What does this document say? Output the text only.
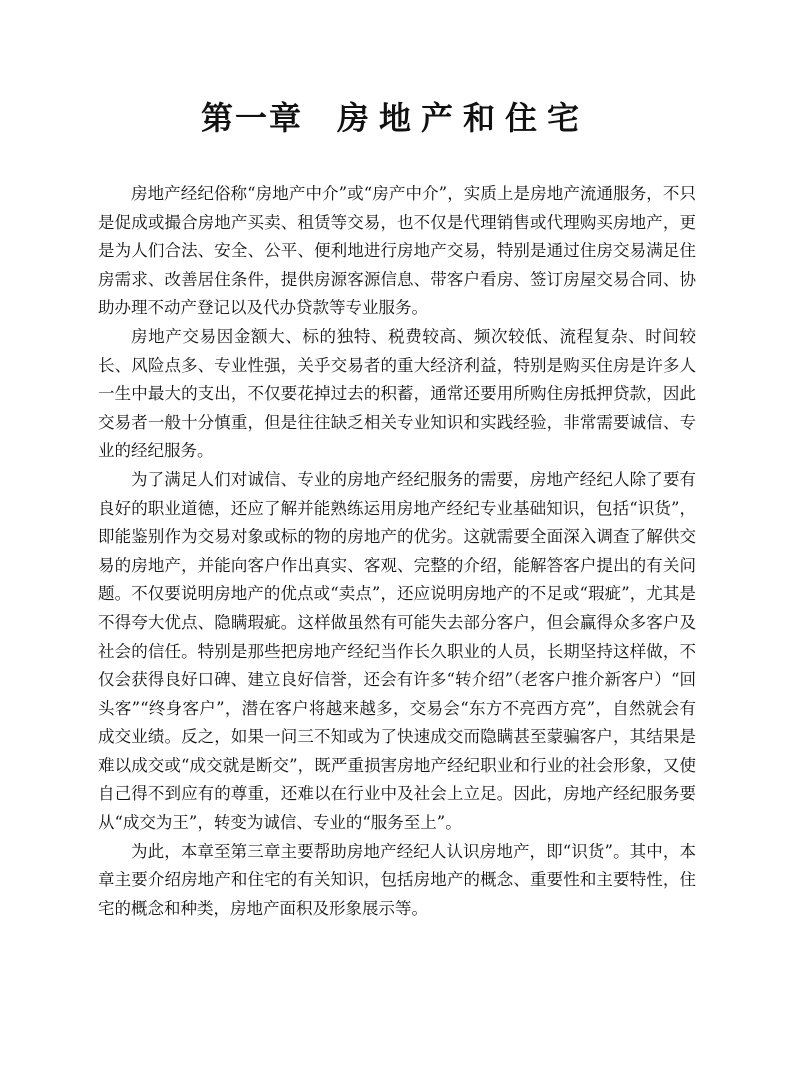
第一章 房地产和住宅

房地产经纪俗称“房地产中介”或“房产中介”，实质上是房地产流通服务，不只是促成或撮合房地产买卖、租赁等交易，也不仅是代理销售或代理购买房地产，更是为人们合法、安全、公平、便利地进行房地产交易，特别是通过住房交易满足住房需求、改善居住条件，提供房源客源信息、带客户看房、签订房屋交易合同、协助办理不动产登记以及代办贷款等专业服务。

房地产交易因金额大、标的独特、税费较高、频次较低、流程复杂、时间较长、风险点多、专业性强，关乎交易者的重大经济利益，特别是购买住房是许多人一生中最大的支出，不仅要花掉过去的积蓄，通常还要用所购住房抵押贷款，因此交易者一般十分慎重，但是往往缺乏相关专业知识和实践经验，非常需要诚信、专业的经纪服务。

为了满足人们对诚信、专业的房地产经纪服务的需要，房地产经纪人除了要有良好的职业道德，还应了解并能熟练运用房地产经纪专业基础知识，包括“识货”，即能鉴别作为交易对象或标的物的房地产的优劣。这就需要全面深入调查了解供交易的房地产，并能向客户作出真实、客观、完整的介绍，能解答客户提出的有关问题。不仅要说明房地产的优点或“卖点”，还应说明房地产的不足或“瑕疵”，尤其是不得夸大优点、隐瞒瑕疵。这样做虽然有可能失去部分客户，但会赢得众多客户及社会的信任。特别是那些把房地产经纪当作长久职业的人员，长期坚持这样做，不仅会获得良好口碑、建立良好信誉，还会有许多“转介绍”（老客户推介新客户）“回头客”“终身客户”，潜在客户将越来越多，交易会“东方不亮西方亮”，自然就会有成交业绩。反之，如果一问三不知或为了快速成交而隐瞒甚至蒙骗客户，其结果是难以成交或“成交就是断交”，既严重损害房地产经纪职业和行业的社会形象，又使自己得不到应有的尊重，还难以在行业中及社会上立足。因此，房地产经纪服务要从“成交为王”，转变为诚信、专业的“服务至上”。

为此，本章至第三章主要帮助房地产经纪人认识房地产，即“识货”。其中，本章主要介绍房地产和住宅的有关知识，包括房地产的概念、重要性和主要特性，住宅的概念和种类，房地产面积及形象展示等。
